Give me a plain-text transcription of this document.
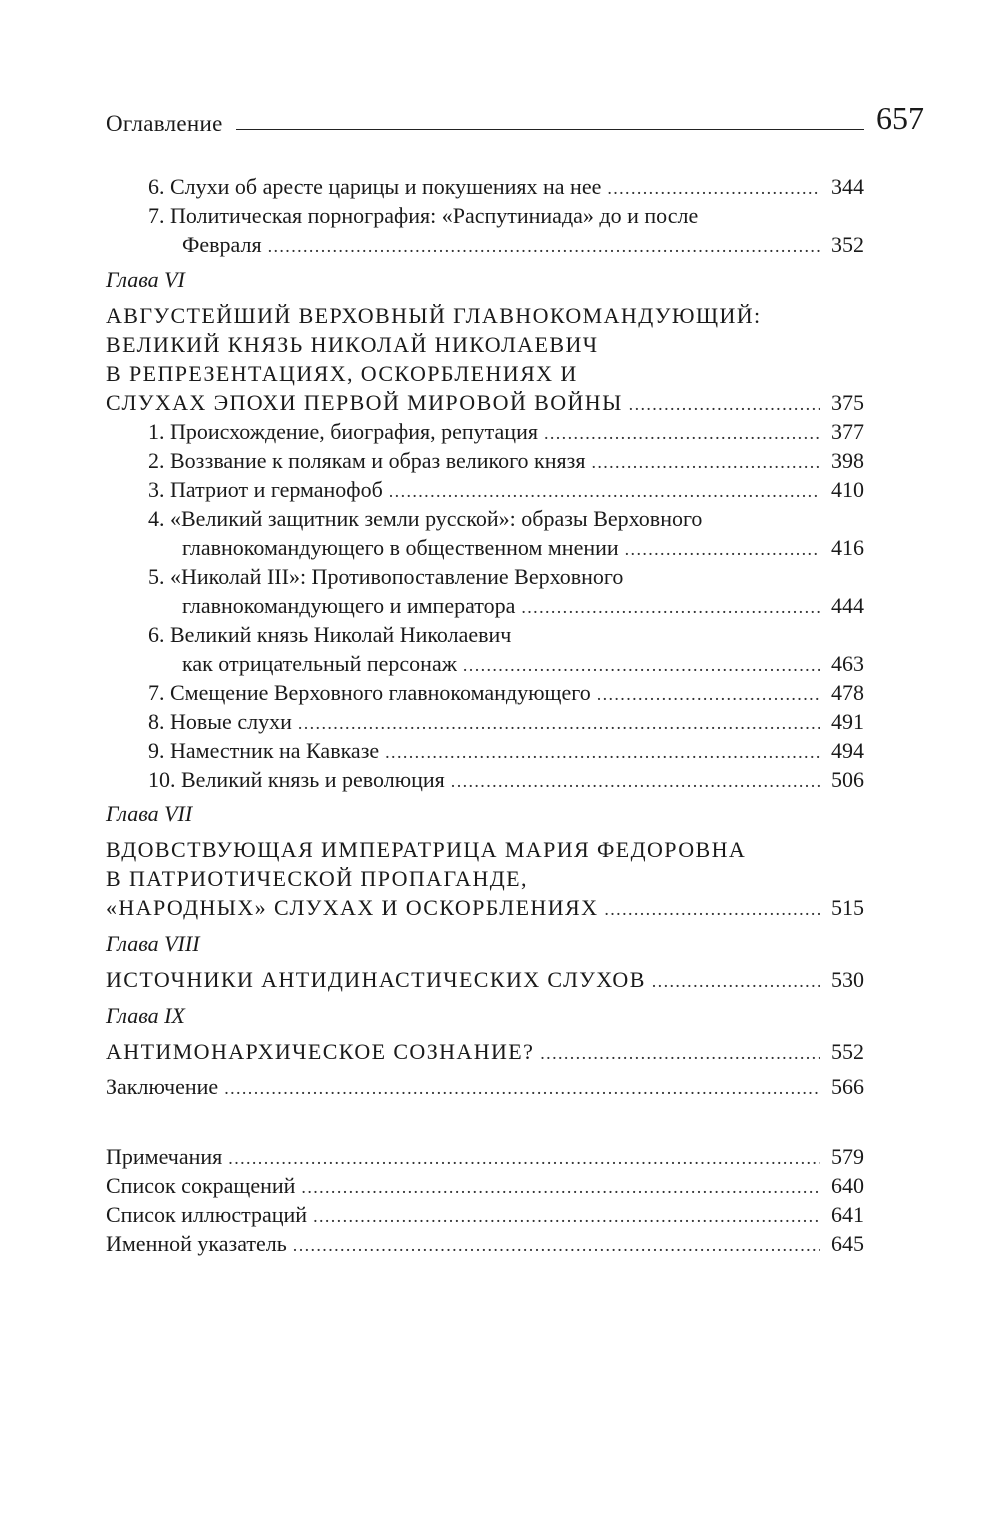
Оглавление	657
6. Слухи об аресте царицы и покушениях на нее .....	344
7. Политическая порнография: «Распутиниада» до и после
Февраля .....	352
Глава VI
АВГУСТЕЙШИЙ ВЕРХОВНЫЙ ГЛАВНОКОМАНДУЮЩИЙ:
ВЕЛИКИЙ КНЯЗЬ НИКОЛАЙ НИКОЛАЕВИЧ
В РЕПРЕЗЕНТАЦИЯХ, ОСКОРБЛЕНИЯХ И
СЛУХАХ ЭПОХИ ПЕРВОЙ МИРОВОЙ ВОЙНЫ .....	375
1. Происхождение, биография, репутация .....	377
2. Воззвание к полякам и образ великого князя .....	398
3. Патриот и германофоб .....	410
4. «Великий защитник земли русской»: образы Верховного
главнокомандующего в общественном мнении .....	416
5. «Николай III»: Противопоставление Верховного
главнокомандующего и императора .....	444
6. Великий князь Николай Николаевич
как отрицательный персонаж .....	463
7. Смещение Верховного главнокомандующего .....	478
8. Новые слухи .....	491
9. Наместник на Кавказе .....	494
10. Великий князь и революция .....	506
Глава VII
ВДОВСТВУЮЩАЯ ИМПЕРАТРИЦА МАРИЯ ФЕДОРОВНА
В ПАТРИОТИЧЕСКОЙ ПРОПАГАНДЕ,
«НАРОДНЫХ» СЛУХАХ И ОСКОРБЛЕНИЯХ .....	515
Глава VIII
ИСТОЧНИКИ АНТИДИНАСТИЧЕСКИХ СЛУХОВ .....	530
Глава IX
АНТИМОНАРХИЧЕСКОЕ СОЗНАНИЕ? .....	552
Заключение .....	566
Примечания .....	579
Список сокращений .....	640
Список иллюстраций .....	641
Именной указатель .....	645
